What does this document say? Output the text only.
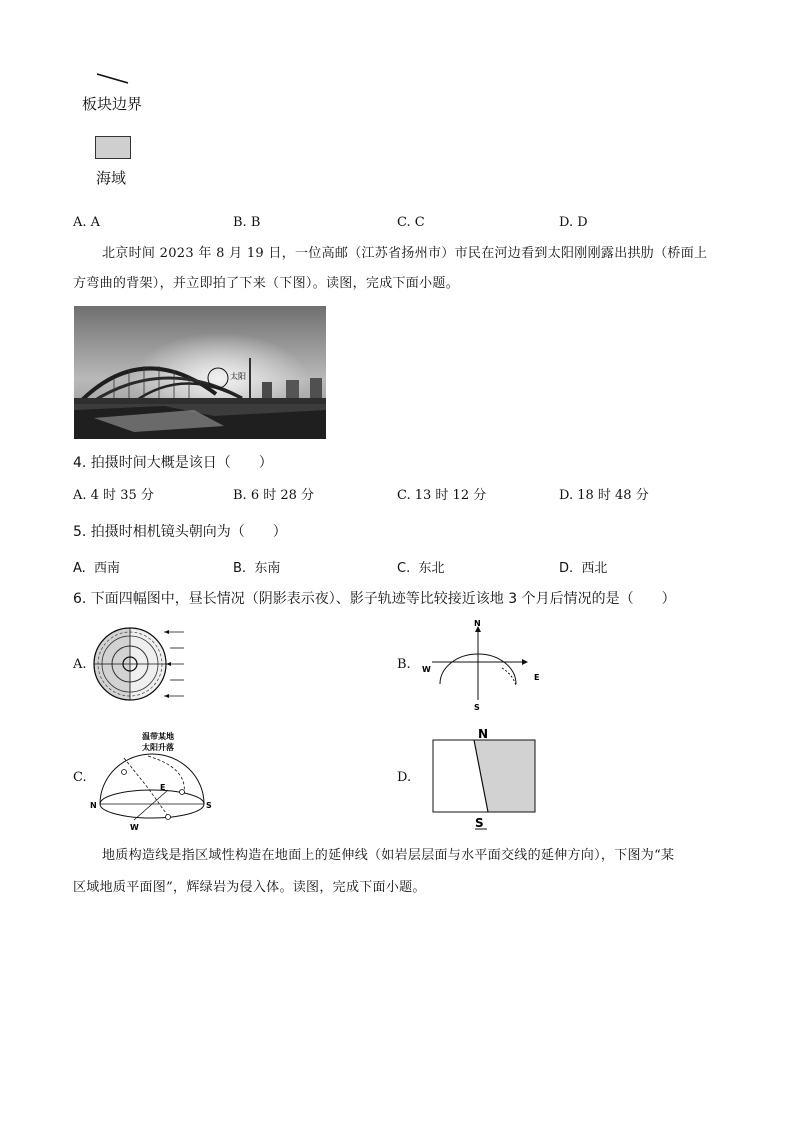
板块边界
海域
A. A	B. B	C. C	D. D
北京时间 2023 年 8 月 19 日，一位高邮（江苏省扬州市）市民在河边看到太阳刚刚露出拱肋（桥面上
方弯曲的背架），并立即拍了下来（下图）。读图，完成下面小题。
太阳
4. 拍摄时间大概是该日（　　）
A. 4 时 35 分	B. 6 时 28 分	C. 13 时 12 分	D. 18 时 48 分
5. 拍摄时相机镜头朝向为（　　）
A.  西南	B.  东南	C.  东北	D.  西北
6. 下面四幅图中，昼长情况（阴影表示夜）、影子轨迹等比较接近该地 3 个月后情况的是（　　）
A.	B.
N
S
W
E
C.
温带某地
太阳升落
N	S
E
W
D.
N
S
地质构造线是指区域性构造在地面上的延伸线（如岩层层面与水平面交线的延伸方向），下图为“某
区域地质平面图”，辉绿岩为侵入体。读图，完成下面小题。
